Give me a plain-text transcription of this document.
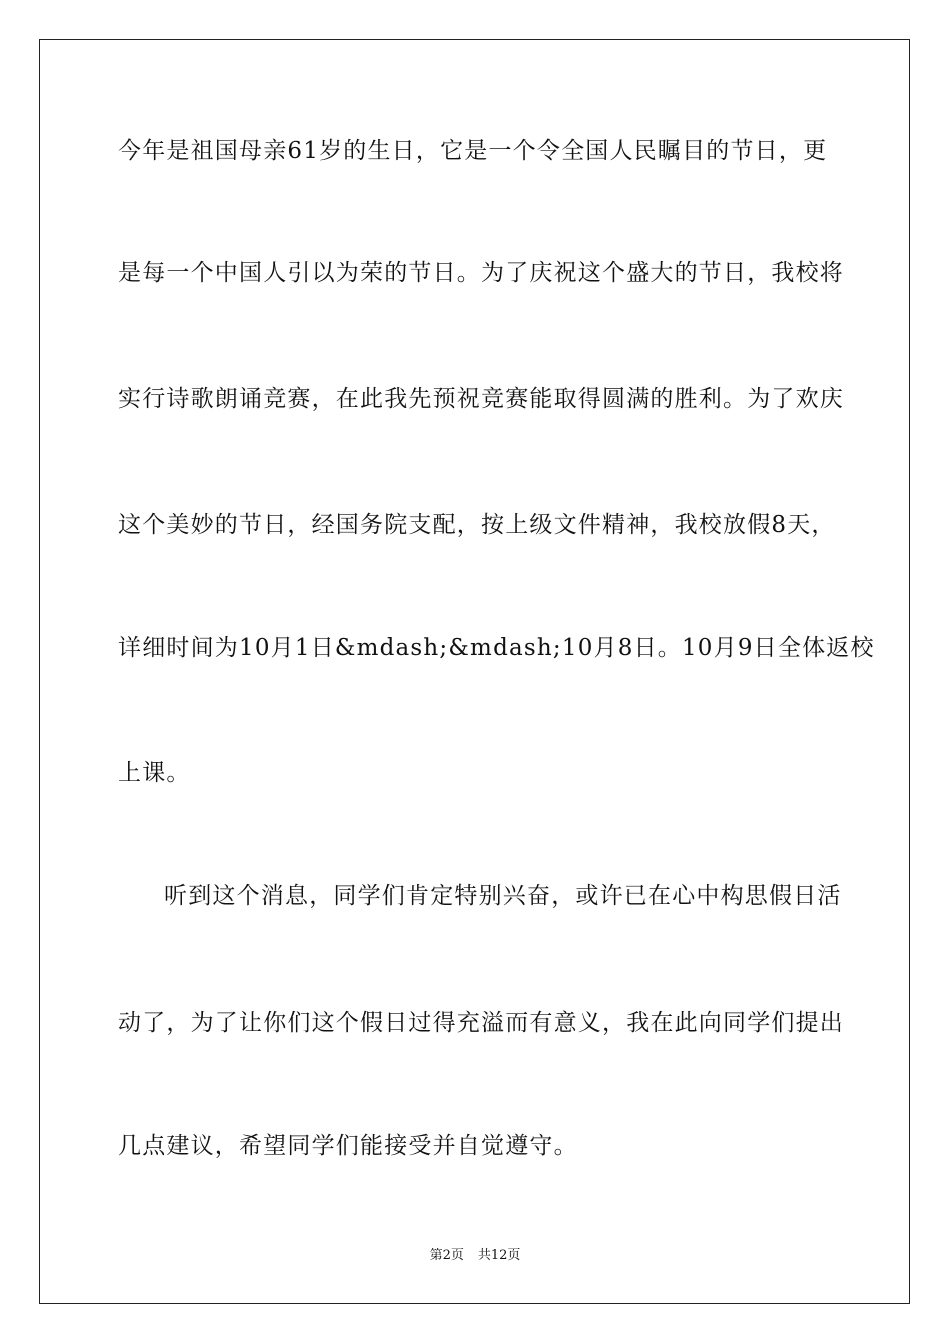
今年是祖国母亲61岁的生日，它是一个令全国人民瞩目的节日，更
是每一个中国人引以为荣的节日。为了庆祝这个盛大的节日，我校将
实行诗歌朗诵竞赛，在此我先预祝竞赛能取得圆满的胜利。为了欢庆
这个美妙的节日，经国务院支配，按上级文件精神，我校放假8天，
详细时间为10月1日&mdash;&mdash;10月8日。10月9日全体返校
上课。
听到这个消息，同学们肯定特别兴奋，或许已在心中构思假日活
动了，为了让你们这个假日过得充溢而有意义，我在此向同学们提出
几点建议，希望同学们能接受并自觉遵守。
第2页 共12页
